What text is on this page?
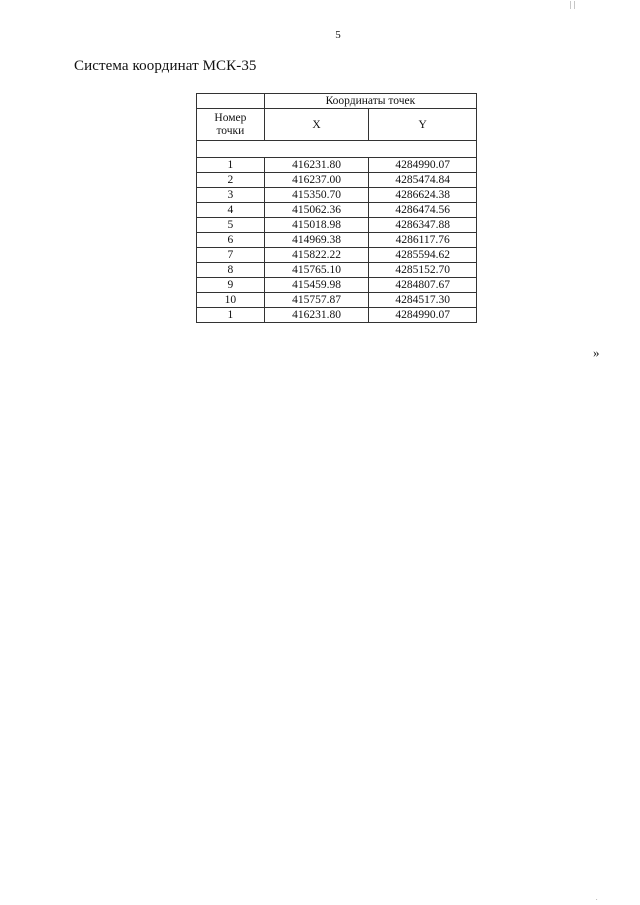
| |
5
Система координат МСК-35
	Координаты точек	
Номер
точки	X	Y

1	416231.80	4284990.07
2	416237.00	4285474.84
3	415350.70	4286624.38
4	415062.36	4286474.56
5	415018.98	4286347.88
6	414969.38	4286117.76
7	415822.22	4285594.62
8	415765.10	4285152.70
9	415459.98	4284807.67
10	415757.87	4284517.30
1	416231.80	4284990.07
»
.
